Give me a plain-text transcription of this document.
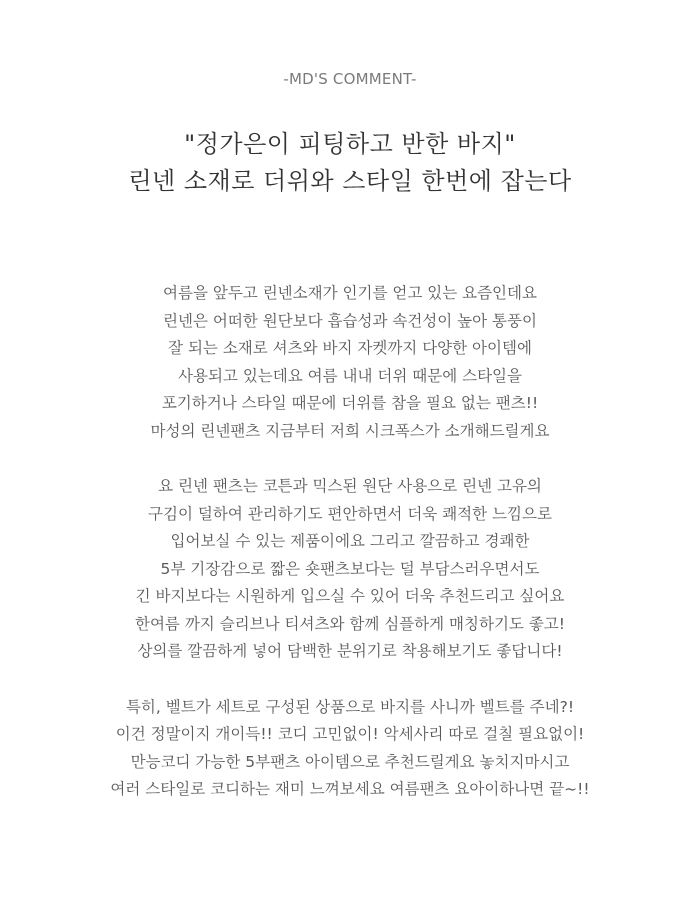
-MD'S COMMENT-
"정가은이 피팅하고 반한 바지"
린넨 소재로 더위와 스타일 한번에 잡는다
여름을 앞두고 린넨소재가 인기를 얻고 있는 요즘인데요
린넨은 어떠한 원단보다 흡습성과 속건성이 높아 통풍이
잘 되는 소재로 셔츠와 바지 자켓까지 다양한 아이템에
사용되고 있는데요 여름 내내 더위 때문에 스타일을
포기하거나 스타일 때문에 더위를 참을 필요 없는 팬츠!!
마성의 린넨팬츠 지금부터 저희 시크폭스가 소개해드릴게요
요 린넨 팬츠는 코튼과 믹스된 원단 사용으로 린넨 고유의
구김이 덜하여 관리하기도 편안하면서 더욱 쾌적한 느낌으로
입어보실 수 있는 제품이에요 그리고 깔끔하고 경쾌한
5부 기장감으로 짧은 숏팬츠보다는 덜 부담스러우면서도
긴 바지보다는 시원하게 입으실 수 있어 더욱 추천드리고 싶어요
한여름 까지 슬리브나 티셔츠와 함께 심플하게 매칭하기도 좋고!
상의를 깔끔하게 넣어 담백한 분위기로 착용해보기도 좋답니다!
특히, 벨트가 세트로 구성된 상품으로 바지를 사니까 벨트를 주네?!
이건 정말이지 개이득!! 코디 고민없이! 악세사리 따로 걸칠 필요없이!
만능코디 가능한 5부팬츠 아이템으로 추천드릴게요 놓치지마시고
여러 스타일로 코디하는 재미 느껴보세요 여름팬츠 요아이하나면 끝~!!
